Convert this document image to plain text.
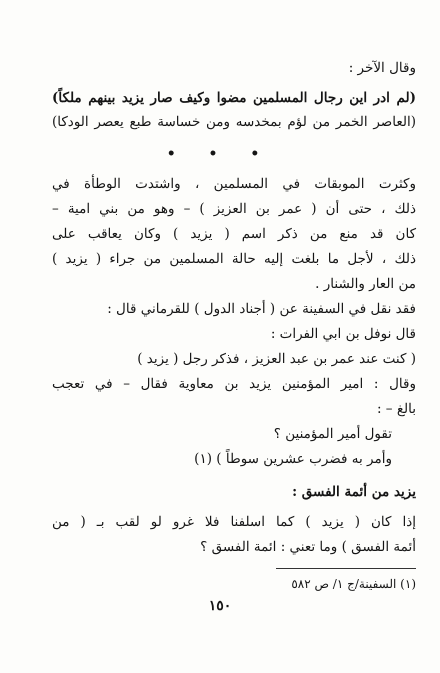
وقال الآخر :
(لم ادر اين رجال المسلمين مضوا وكيف صار يزيد بينهم ملكاً)
(العاصر الخمر من لؤم بمخدسه ومن خساسة طبع يعصر الودكا)
• • •
وكثرت الموبقات في المسلمين ، واشتدت الوطأة في
ذلك ، حتى أن ( عمر بن العزيز ) – وهو من بني امية –
كان قد منع من ذكر اسم ( يزيد ) وكان يعاقب على
ذلك ، لأجل ما بلغت إليه حالة المسلمين من جراء ( يزيد )
من العار والشنار .
فقد نقل في السفينة عن ( أجناد الدول ) للقرماني قال :
قال نوفل بن ابي الفرات :
( كنت عند عمر بن عبد العزيز ، فذكر رجل ( يزيد )
وقال : امير المؤمنين يزيد بن معاوية فقال – في تعجب
بالغ – :
تقول أمير المؤمنين ؟
وأمر به فضرب عشرين سوطاً ) (١)
يزيد من أئمة الفسق :
إذا كان ( يزيد ) كما اسلفنا فلا غرو لو لقب بـ ( من
أئمة الفسق ) وما تعني : ائمة الفسق ؟
(١) السفينة/ج ١/ ص ٥٨٢
١٥٠
